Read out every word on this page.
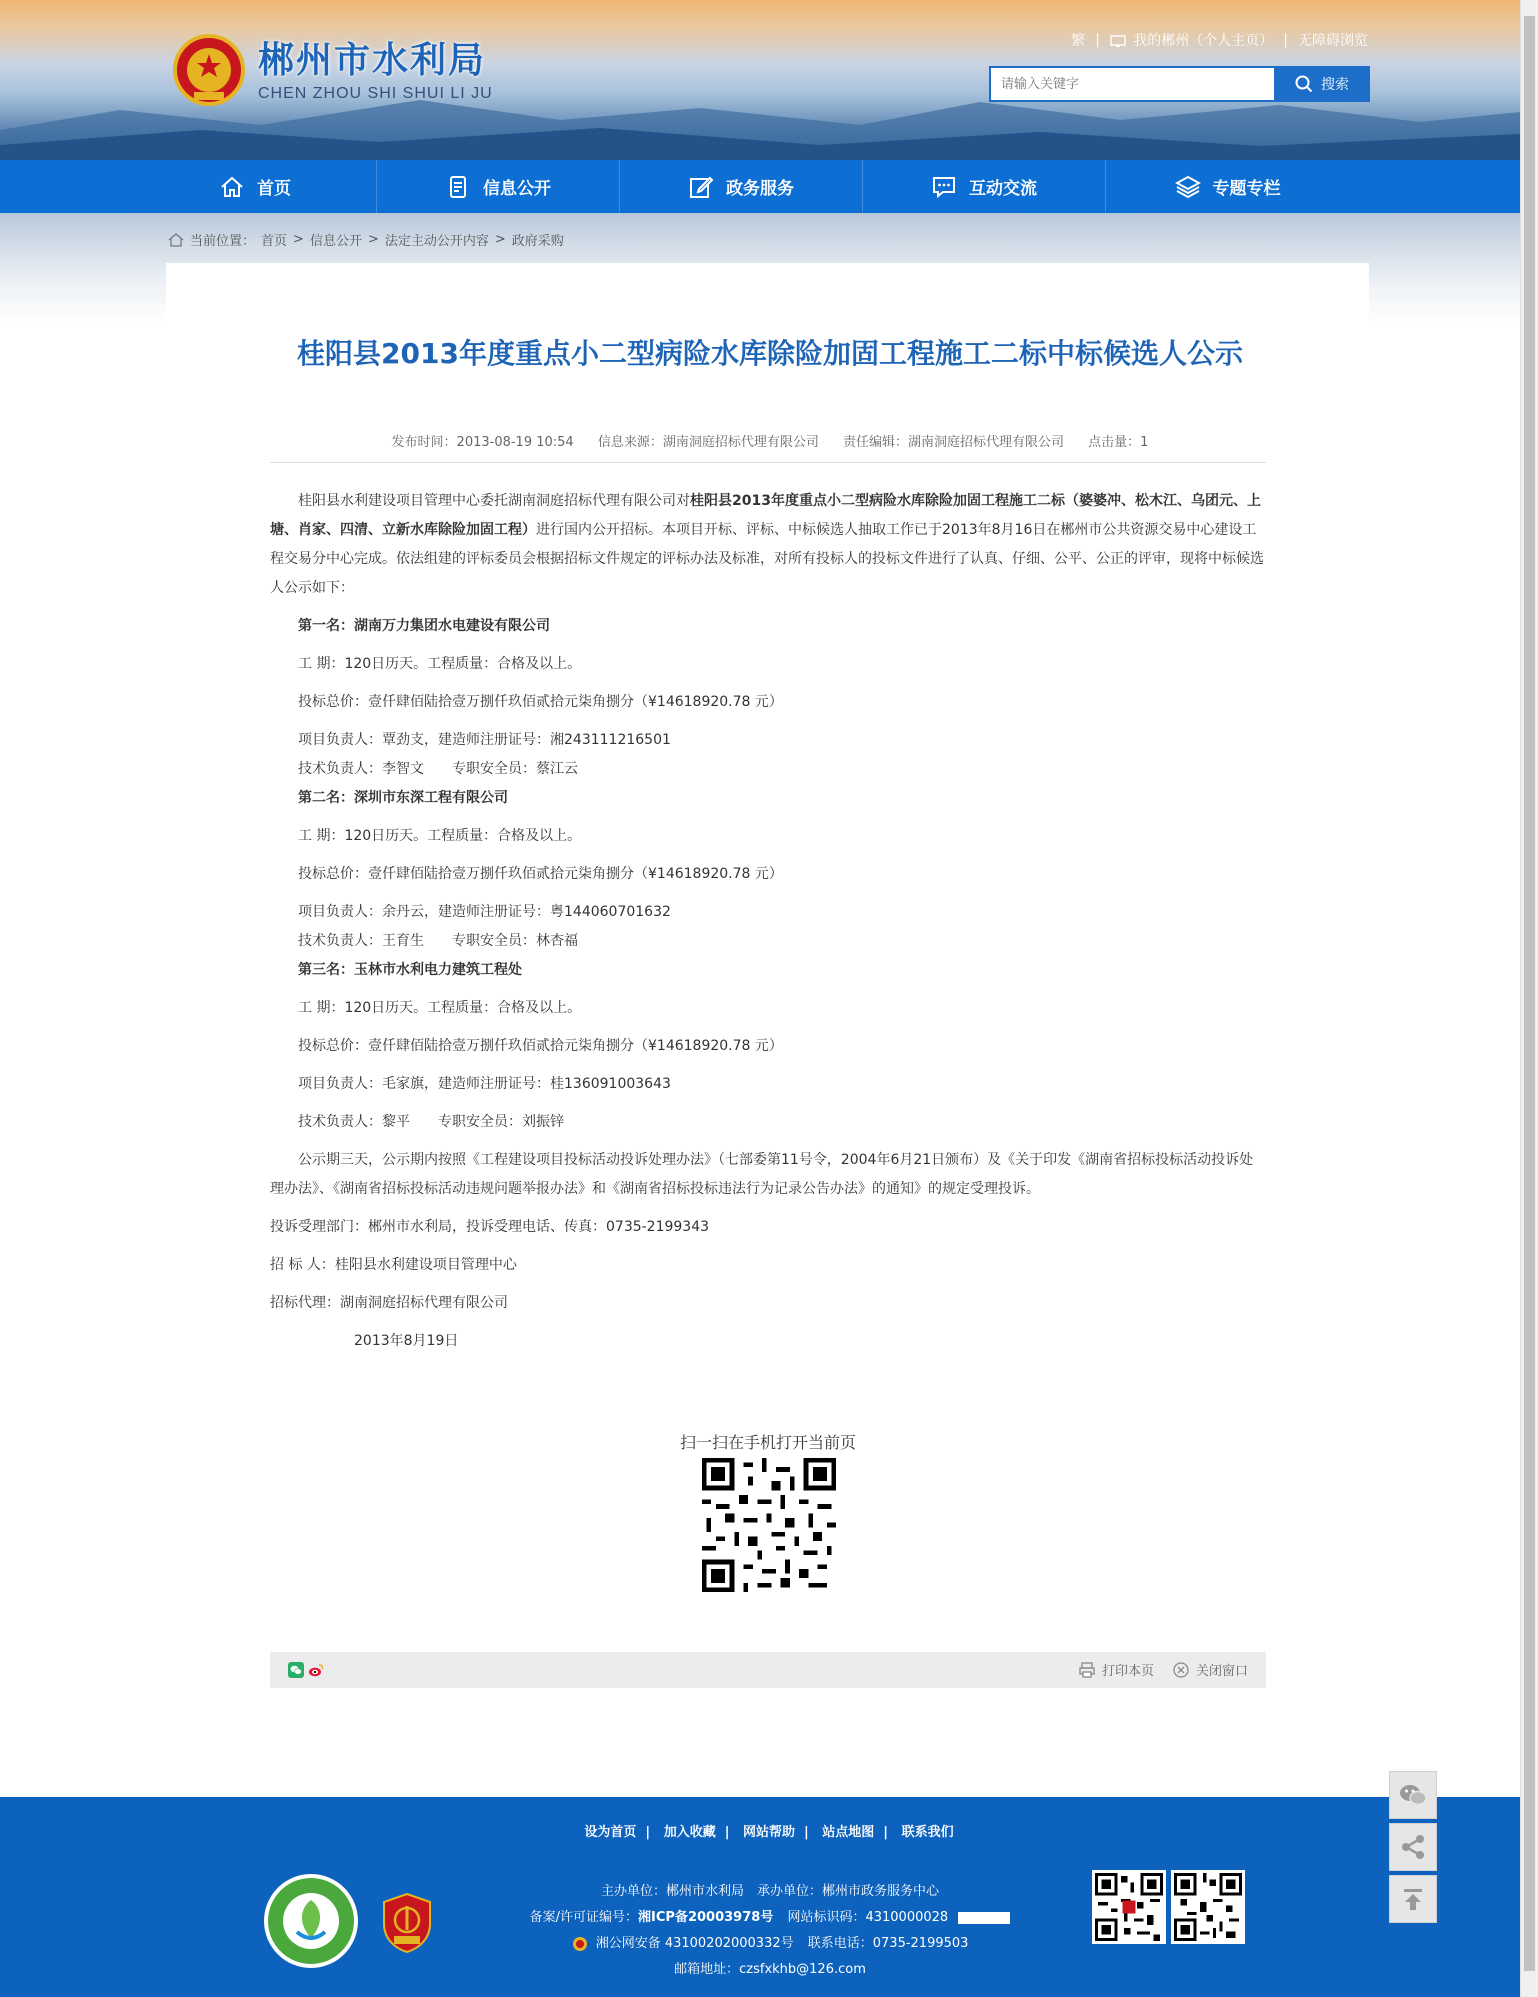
郴州市水利局
CHEN ZHOU SHI SHUI LI JU
繁 |	我的郴州（个人主页） | 无障碍浏览
请输入关键字
搜索
首页	信息公开	政务服务	互动交流	专题专栏
当前位置： 首页 > 信息公开 > 法定主动公开内容 > 政府采购
桂阳县2013年度重点小二型病险水库除险加固工程施工二标中标候选人公示
发布时间：2013-08-19 10:54 信息来源：湖南洞庭招标代理有限公司 责任编辑：湖南洞庭招标代理有限公司 点击量：1

桂阳县水利建设项目管理中心委托湖南洞庭招标代理有限公司对桂阳县2013年度重点小二型病险水库除险加固工程施工二标（婆婆冲、松木江、乌团元、上塘、肖家、四清、立新水库除险加固工程）进行国内公开招标。本项目开标、评标、中标候选人抽取工作已于2013年8月16日在郴州市公共资源交易中心建设工程交易分中心完成。依法组建的评标委员会根据招标文件规定的评标办法及标准，对所有投标人的投标文件进行了认真、仔细、公平、公正的评审，现将中标候选人公示如下：

第一名：湖南万力集团水电建设有限公司

工 期：120日历天。工程质量：合格及以上。

投标总价：壹仟肆佰陆拾壹万捌仟玖佰贰拾元柒角捌分（¥14618920.78 元）

项目负责人：覃劲支，建造师注册证号：湘243111216501

技术负责人：李智文　　专职安全员：蔡江云

第二名：深圳市东深工程有限公司

工 期：120日历天。工程质量：合格及以上。

投标总价：壹仟肆佰陆拾壹万捌仟玖佰贰拾元柒角捌分（¥14618920.78 元）

项目负责人：余丹云，建造师注册证号：粤144060701632

技术负责人：王育生　　专职安全员：林杏福

第三名：玉林市水利电力建筑工程处

工 期：120日历天。工程质量：合格及以上。

投标总价：壹仟肆佰陆拾壹万捌仟玖佰贰拾元柒角捌分（¥14618920.78 元）

项目负责人：毛家旗，建造师注册证号：桂136091003643

技术负责人：黎平　　专职安全员：刘振锌

公示期三天，公示期内按照《工程建设项目投标活动投诉处理办法》（七部委第11号令，2004年6月21日颁布）及《关于印发《湖南省招标投标活动投诉处理办法》、《湖南省招标投标活动违规问题举报办法》和《湖南省招标投标违法行为记录公告办法》的通知》的规定受理投诉。

投诉受理部门：郴州市水利局，投诉受理电话、传真：0735-2199343

招 标 人：桂阳县水利建设项目管理中心

招标代理：湖南洞庭招标代理有限公司

2013年8月19日

扫一扫在手机打开当前页
打印本页	关闭窗口
设为首页 | 加入收藏 | 网站帮助 | 站点地图 | 联系我们
主办单位：郴州市水利局　承办单位：郴州市政务服务中心
备案/许可证编号：湘ICP备20003978号 网站标识码：4310000028
湘公网安备 43100202000332号 联系电话：0735-2199503
邮箱地址：czsfxkhb@126.com
